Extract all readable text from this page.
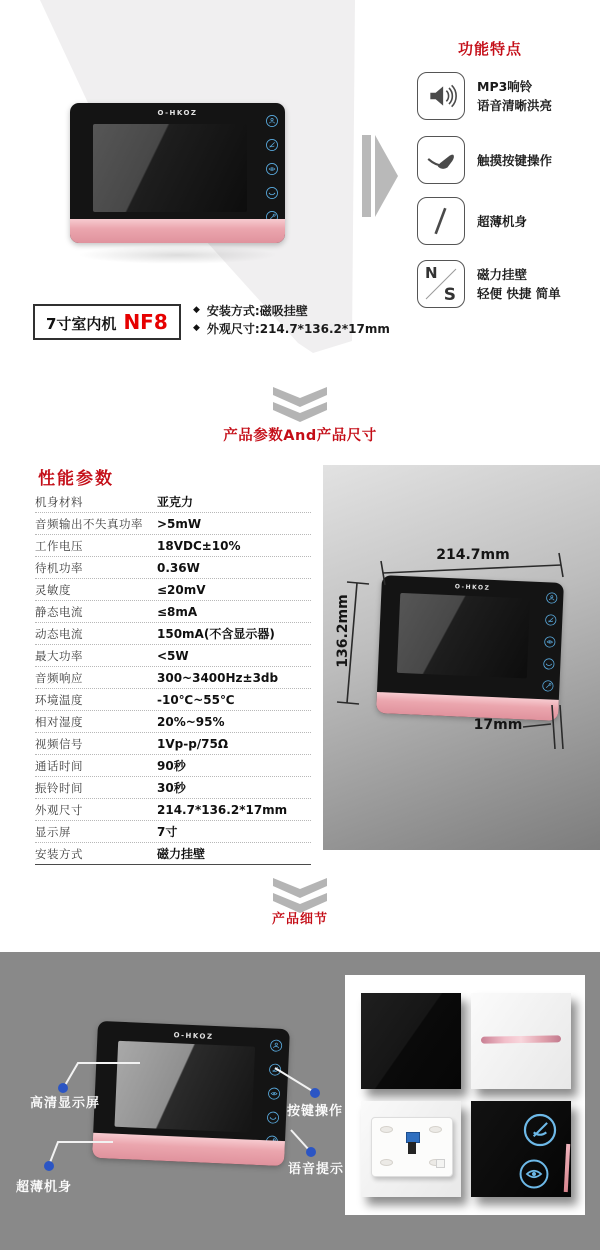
O-HKOZ
7寸室内机 NF8	◆ 安装方式:磁吸挂壁
◆ 外观尺寸:214.7*136.2*17mm
功能特点
MP3响铃
语音清晰洪亮
触摸按键操作
超薄机身
N
S
磁力挂壁
轻便 快捷 简单
产品参数And产品尺寸
性能参数
机身材料	亚克力
音频输出不失真功率	>5mW
工作电压	18VDC±10%
待机功率	0.36W
灵敏度	≤20mV
静态电流	≤8mA
动态电流	150mA(不含显示器)
最大功率	<5W
音频响应	300~3400Hz±3db
环境温度	-10℃~55℃
相对湿度	20%~95%
视频信号	1Vp-p/75Ω
通话时间	90秒
振铃时间	30秒
外观尺寸	214.7*136.2*17mm
显示屏	7寸
安装方式	磁力挂壁
O-HKOZ
214.7mm
136.2mm
17mm
产品细节
O-HKOZ
高清显示屏
按键操作
超薄机身
语音提示
